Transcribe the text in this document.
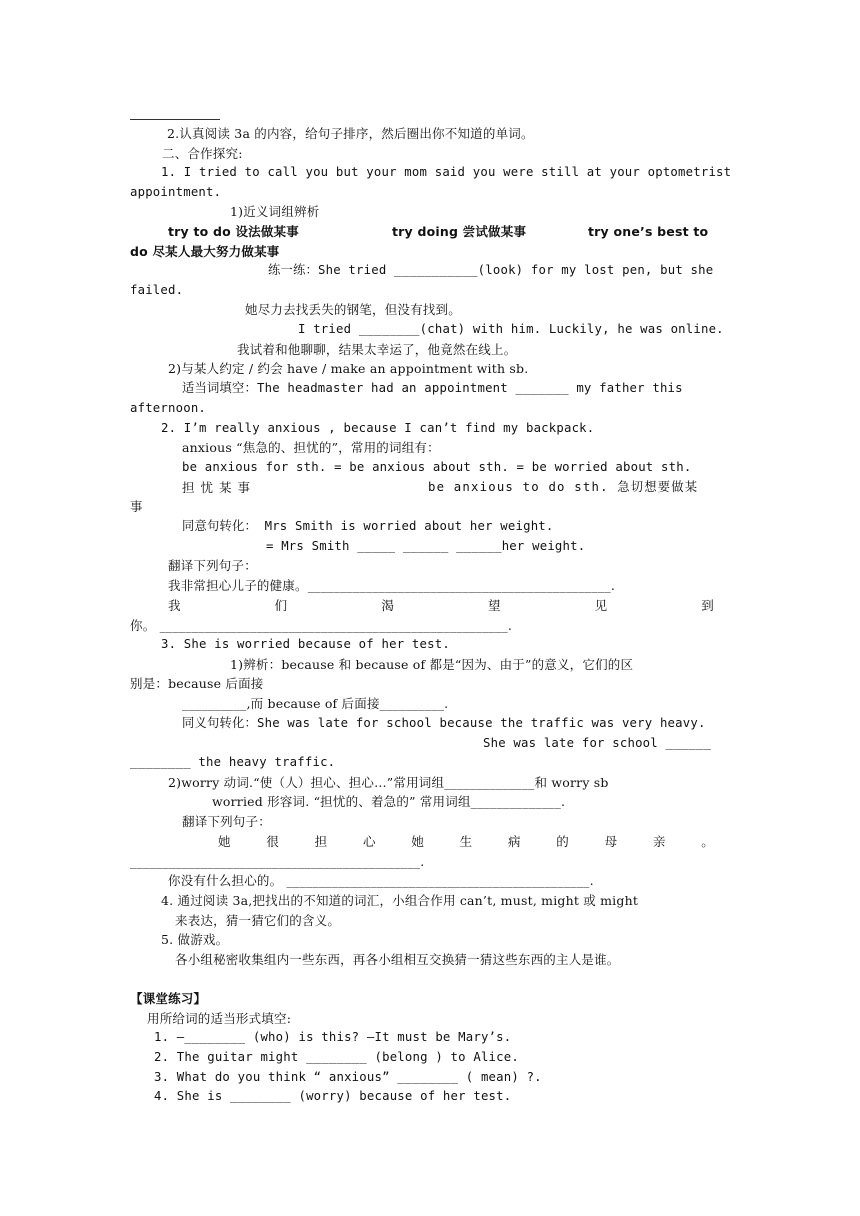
2.认真阅读 3a 的内容，给句子排序，然后圈出你不知道的单词。
二、合作探究:
1. I tried to call you but your mom said you were still at your optometrist
appointment.
1)近义词组辨析
try to do 设法做某事	try doing 尝试做某事	try one’s best to
do 尽某人最大努力做某事
练一练：She tried ___________(look) for my lost pen, but she
failed.
她尽力去找丢失的钢笔，但没有找到。
I tried ________(chat) with him. Luckily, he was online.
我试着和他聊聊，结果太幸运了，他竟然在线上。
2)与某人约定 / 约会 have / make an appointment with sb.
适当词填空：The headmaster had an appointment _______ my father this
afternoon.
2. I’m really anxious , because I can’t find my backpack.
anxious “焦急的、担忧的”，常用的词组有：
be anxious for sth. = be anxious about sth. = be worried about sth.
担忧某事	be anxious to do sth. 急切想要做某
事
同意句转化： Mrs Smith is worried about her weight.
= Mrs Smith _____ ______ ______her weight.
翻译下列句子：
我非常担心儿子的健康。_______________________________________________.
我	们	渴	望	见	到
你。 ______________________________________________________.
3. She is worried because of her test.
1)辨析：because 和 because of 都是“因为、由于”的意义，它们的区
别是：because 后面接
__________,而 because of 后面接__________.
同义句转化：She was late for school because the traffic was very heavy.
She was late for school ______
________ the heavy traffic.
2)worry 动词.“使（人）担心、担心…”常用词组______________和 worry sb
worried 形容词. “担忧的、着急的” 常用词组______________.
翻译下列句子：
她	很	担	心	她	生	病	的	母	亲	。
_____________________________________________.
你没有什么担心的。 _______________________________________________.
4. 通过阅读 3a,把找出的不知道的词汇，小组合作用 can’t, must, might 或 might
来表达，猜一猜它们的含义。
5. 做游戏。
各小组秘密收集组内一些东西，再各小组相互交换猜一猜这些东西的主人是谁。
【课堂练习】
用所给词的适当形式填空:
1. —________ (who) is this? —It must be Mary’s.
2. The guitar might ________ (belong ) to Alice.
3. What do you think “ anxious” ________ ( mean) ?.
4. She is ________ (worry) because of her test.
